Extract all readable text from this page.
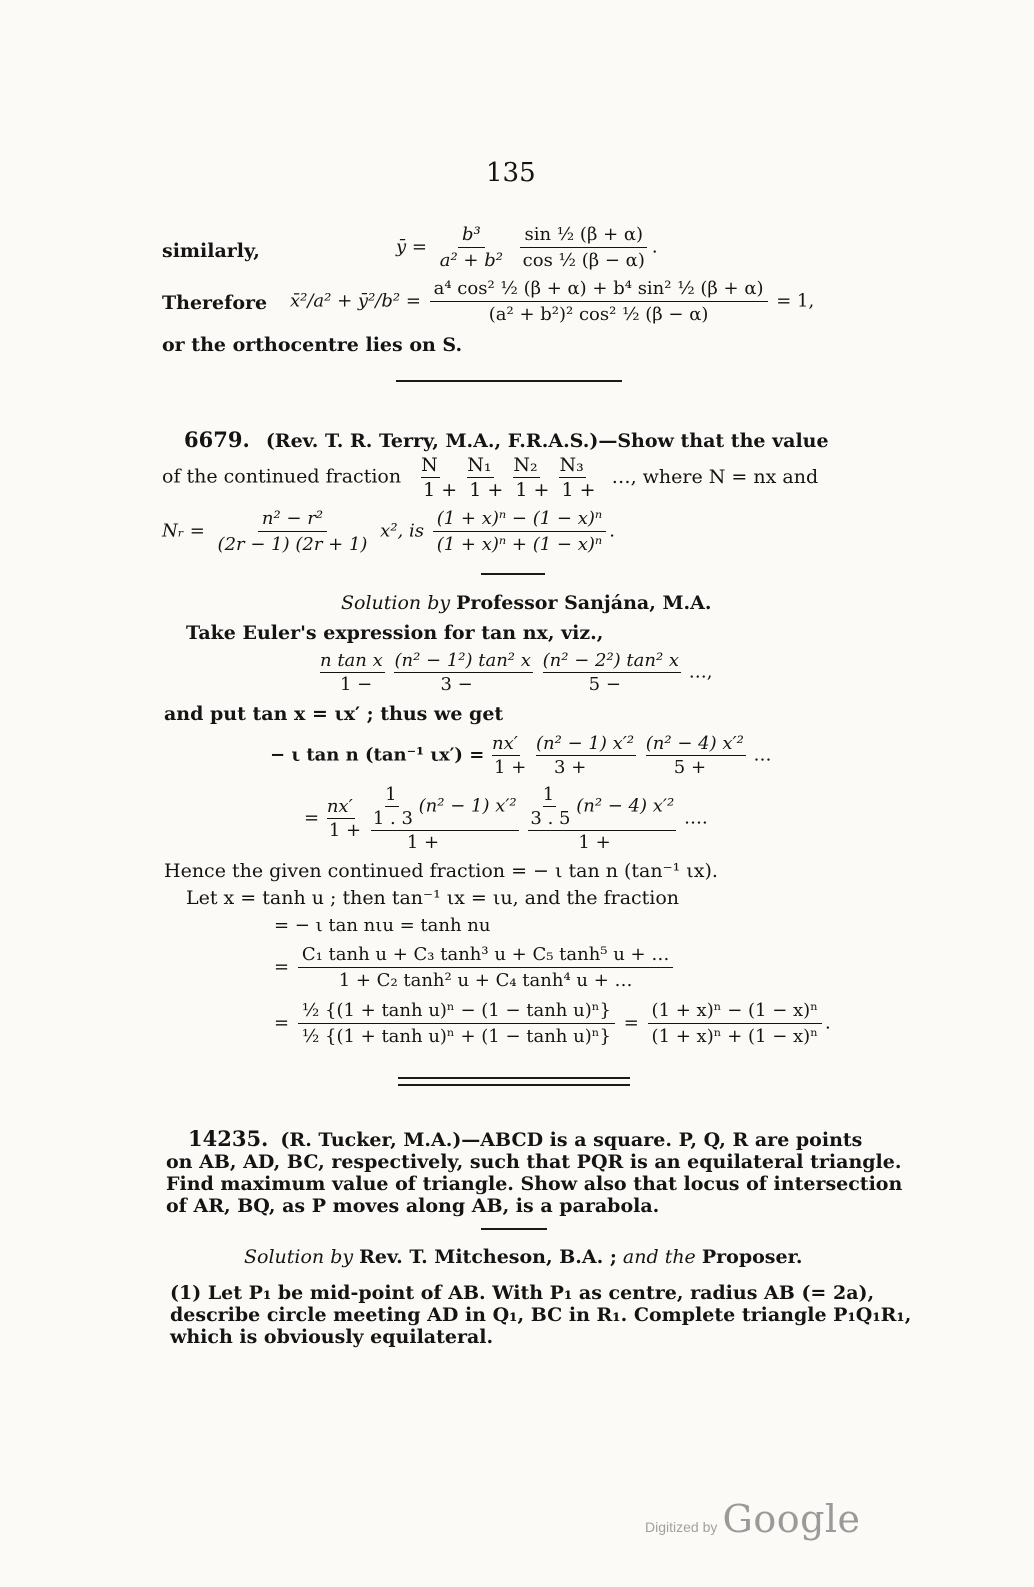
135
similarly,	ȳ = $\frac{\text{b³}}{\text{a² + b²}}$
$\frac{\text{sin ½ (β + α)}}{\text{cos ½ (β − α)}}$ .
Therefore x̄²/a² + ȳ²/b² = $\frac{\text{a⁴ cos² ½ (β + α) + b⁴ sin² ½ (β + α)}}{\text{(a² + b²)² cos² ½ (β − α)}} = 1$,
or the orthocentre lies on S.
6679. (Rev. T. R. Terry, M.A., F.R.A.S.)—Show that the value
of the continued fraction $\frac{N}{1 +}$
$\frac{\text{N₁}}{1 +}$
$\frac{\text{N₂}}{1 +}$
$\frac{\text{N₃}}{1 +}$ …, where N = nx and
Nᵣ = $\frac{\text{n² − r²}}{(2r - 1) (2r + 1)} x^2$, is $\frac{\text{(1 + x)ⁿ − (1 − x)ⁿ}}{\text{(1 + x)ⁿ + (1 − x)ⁿ}}$ .
Solution by Professor Sanjána, M.A.
Take Euler's expression for tan nx, viz.,
$\frac{\text{n tan x}}{1 -}$
$\frac{\text{(n² − 1²) tan² x}}{3 -}$
$\frac{\text{(n² − 2²) tan² x}}{5 -}$ …,
and put tan x = ιx′ ; thus we get
− ι tan n (tan⁻¹ $\iota x') = \frac{nx'}{1 +}$
$\frac{\text{(n² − 1) x′²}}{3 +}$
$\frac{\text{(n² − 4) x′²}}{5 +}$ …
= $\frac{nx'}{1 +}$
$\frac{\frac{1}{1 . 3} (n^2 - 1) x'^2}{1 +}$
$\frac{\frac{1}{3 . 5} (n^2 - 4) x'^2}{1 +}$ ….
Hence the given continued fraction = − ι tan n (tan⁻¹ ιx).
Let x = tanh u ; then tan⁻¹ ιx = ιu, and the fraction
= − ι tan nιu = tanh nu
= $\frac{\text{C₁ tanh u + C₃ tanh³ u + C₅ tanh⁵ u + …}}{\text{1 + C₂ tanh² u + C₄ tanh⁴ u + …}}$
= $\frac{\text{½ \{(1 + tanh u)ⁿ − (1 − tanh u)ⁿ\}}}{\text{½ \{(1 + tanh u)ⁿ + (1 − tanh u)ⁿ\}}} = \frac{\text{(1 + x)ⁿ − (1 − x)ⁿ}}{\text{(1 + x)ⁿ + (1 − x)ⁿ}}$ .
14235. (R. Tucker, M.A.)—ABCD is a square. P, Q, R are points
on AB, AD, BC, respectively, such that PQR is an equilateral triangle.
Find maximum value of triangle. Show also that locus of intersection
of AR, BQ, as P moves along AB, is a parabola.
Solution by Rev. T. Mitcheson, B.A. ; and the Proposer.
(1) Let P₁ be mid-point of AB. With P₁ as centre, radius AB (= 2a),
describe circle meeting AD in Q₁, BC in R₁. Complete triangle P₁Q₁R₁,
which is obviously equilateral.
Digitized by Google
